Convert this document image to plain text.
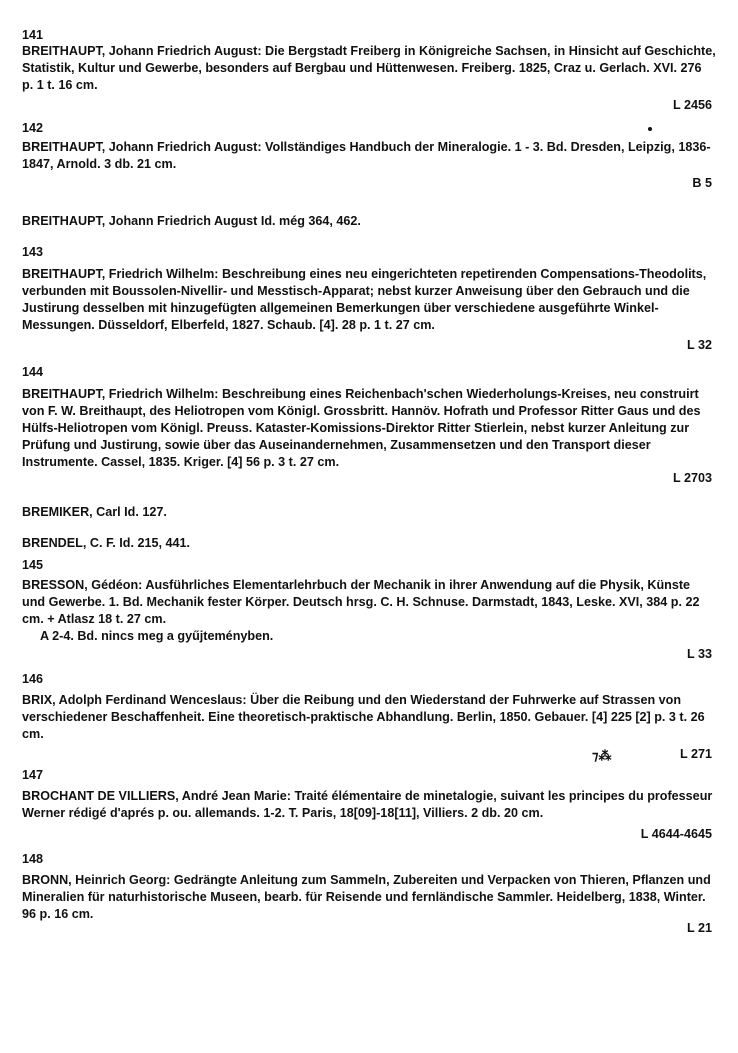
141

BREITHAUPT, Johann Friedrich August: Die Bergstadt Freiberg in Königreiche Sachsen, in Hinsicht auf Geschichte, Statistik, Kultur und Gewerbe, besonders auf Bergbau und Hüttenwesen. Freiberg. 1825, Craz u. Gerlach. XVI. 276 p. 1 t. 16 cm.

L 2456
142

BREITHAUPT, Johann Friedrich August: Vollständiges Handbuch der Mineralogie. 1 - 3. Bd. Dresden, Leipzig, 1836-1847, Arnold. 3 db. 21 cm.

B 5
BREITHAUPT, Johann Friedrich August Id. még 364, 462.
143

BREITHAUPT, Friedrich Wilhelm: Beschreibung eines neu eingerichteten repetirenden Compensations-Theodolits, verbunden mit Boussolen-Nivellir- und Messtisch-Apparat; nebst kurzer Anweisung über den Gebrauch und die Justirung desselben mit hinzugefügten allgemeinen Bemerkungen über verschiedene ausgeführte Winkel-Messungen. Düsseldorf, Elberfeld, 1827. Schaub. [4]. 28 p. 1 t. 27 cm.

L 32
144

BREITHAUPT, Friedrich Wilhelm: Beschreibung eines Reichenbach'schen Wiederholungs-Kreises, neu construirt von F. W. Breithaupt, des Heliotropen vom Königl. Grossbritt. Hannöv. Hofrath und Professor Ritter Gaus und des Hülfs-Heliotropen vom Königl. Preuss. Kataster-Komissions-Direktor Ritter Stierlein, nebst kurzer Anleitung zur Prüfung und Justirung, sowie über das Auseinandernehmen, Zusammensetzen und den Transport dieser Instrumente. Cassel, 1835. Kriger. [4] 56 p. 3 t. 27 cm.

L 2703
BREMIKER, Carl Id. 127.
BRENDEL, C. F. Id. 215, 441.
145

BRESSON, Gédéon: Ausführliches Elementarlehrbuch der Mechanik in ihrer Anwendung auf die Physik, Künste und Gewerbe. 1. Bd. Mechanik fester Körper. Deutsch hrsg. C. H. Schnuse. Darmstadt, 1843, Leske. XVI, 384 p. 22 cm. + Atlasz 18 t. 27 cm.

A 2-4. Bd. nincs meg a gyűjteményben.
L 33
146

BRIX, Adolph Ferdinand Wenceslaus: Über die Reibung und den Wiederstand der Fuhrwerke auf Strassen von verschiedener Beschaffenheit. Eine theoretisch-praktische Abhandlung. Berlin, 1850. Gebauer. [4] 225 [2] p. 3 t. 26 cm.

L 271
⁊⁂
147

BROCHANT DE VILLIERS, André Jean Marie: Traité élémentaire de minetalogie, suivant les principes du professeur Werner rédigé d'aprés p. ou. allemands. 1-2. T. Paris, 18[09]-18[11], Villiers. 2 db. 20 cm.

L 4644-4645
148

BRONN, Heinrich Georg: Gedrängte Anleitung zum Sammeln, Zubereiten und Verpacken von Thieren, Pflanzen und Mineralien für naturhistorische Museen, bearb. für Reisende und fernländische Sammler. Heidelberg, 1838, Winter. 96 p. 16 cm.

L 21
